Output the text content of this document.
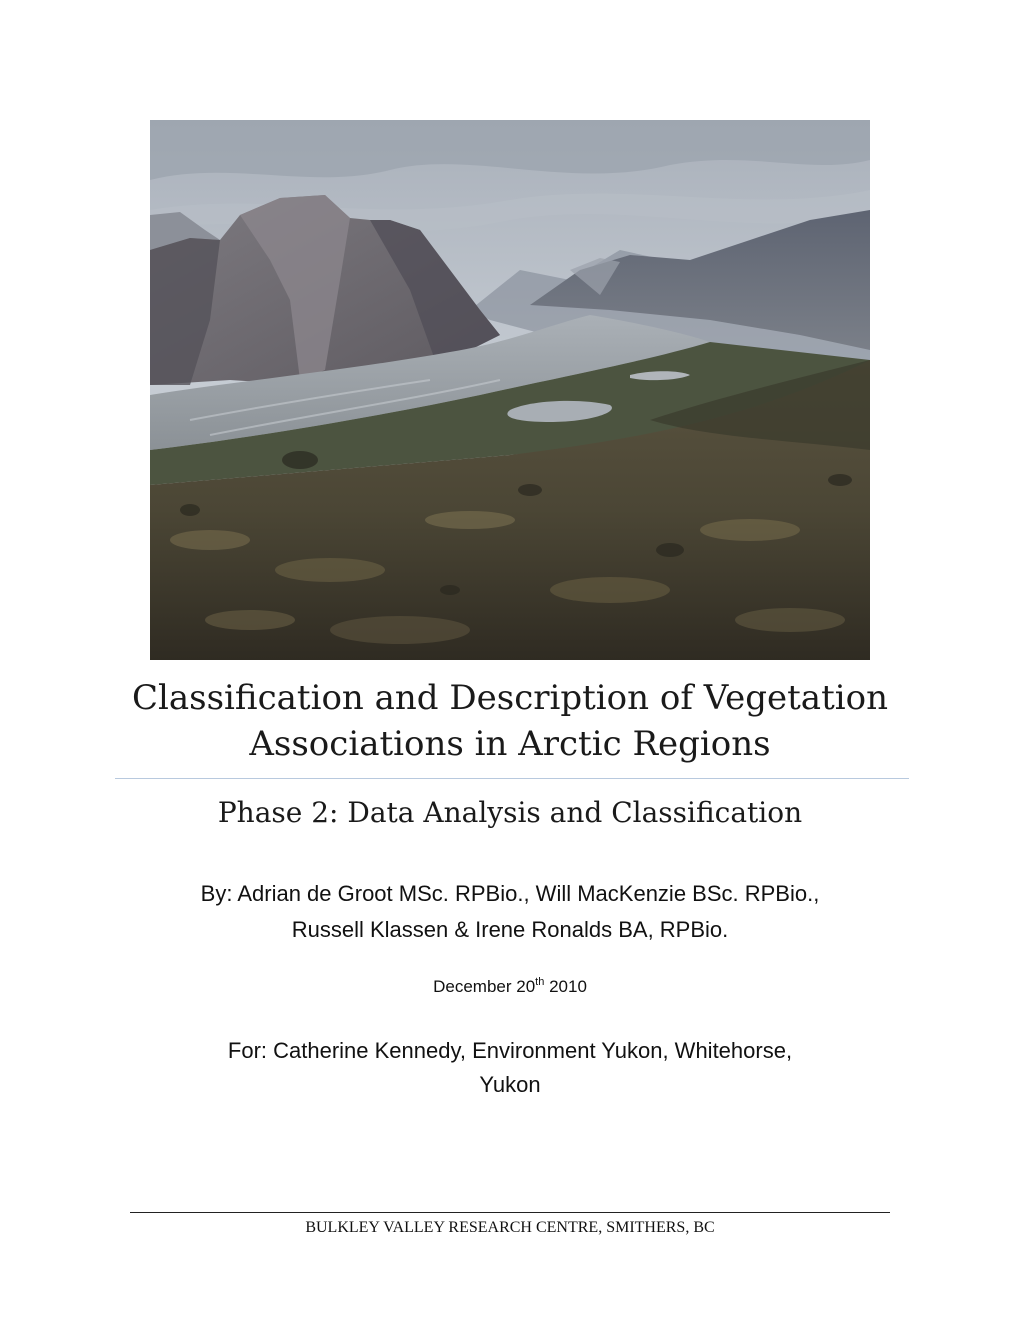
Classification and Description of Vegetation
Associations in Arctic Regions
Phase 2: Data Analysis and Classification

By: Adrian de Groot MSc. RPBio., Will MacKenzie BSc. RPBio.,
Russell Klassen & Irene Ronalds BA, RPBio.

December 20th 2010

For: Catherine Kennedy, Environment Yukon, Whitehorse,
Yukon

BULKLEY VALLEY RESEARCH CENTRE, SMITHERS, BC
